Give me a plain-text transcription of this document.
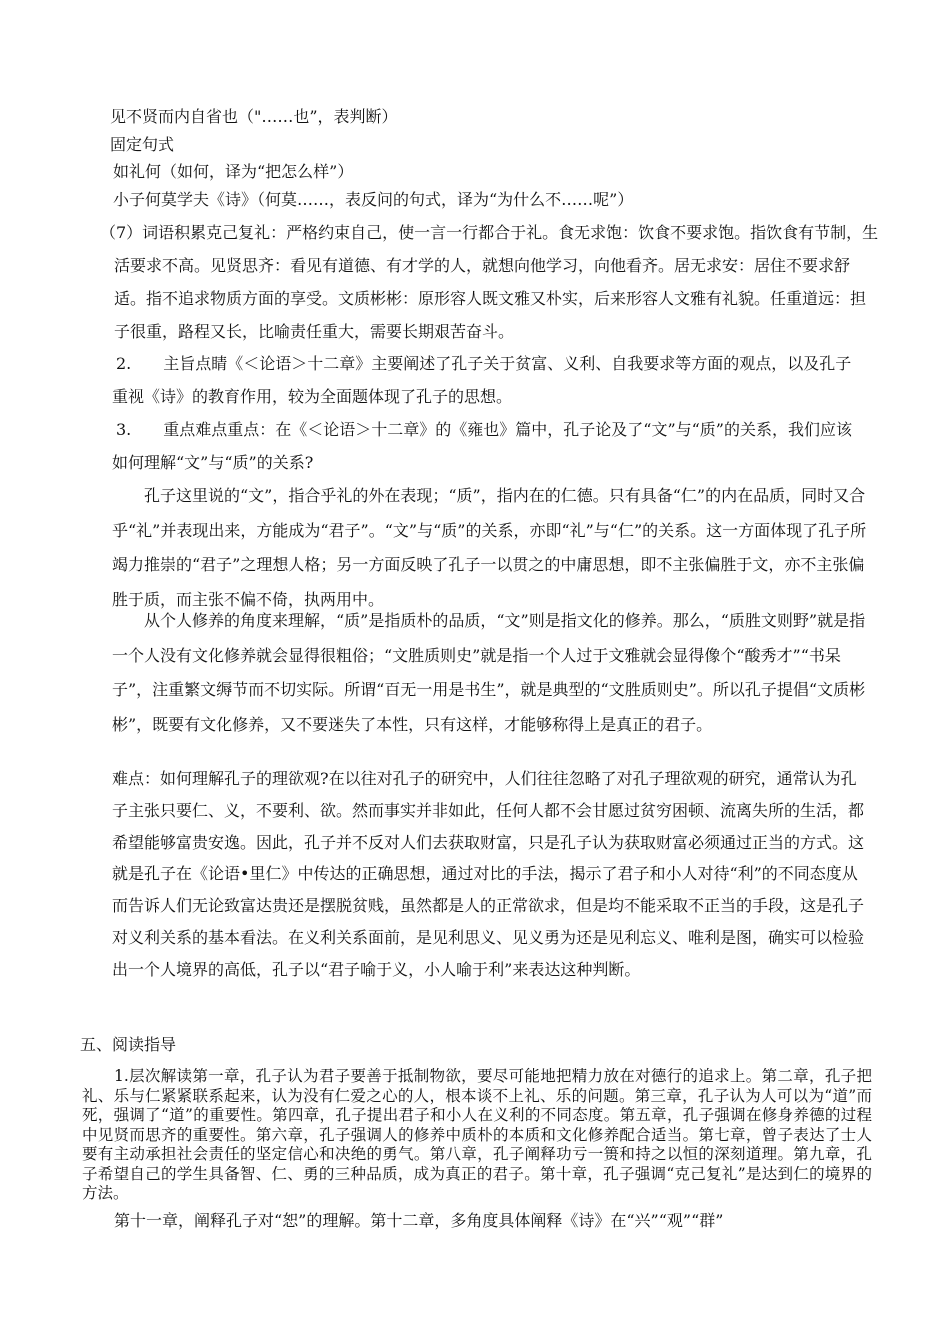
见不贤而内自省也（"……也”，表判断）
固定句式
如礼何（如何，译为“把怎么样”）
小子何莫学夫《诗》（何莫……，表反问的句式，译为“为什么不……呢”）
（7）词语积累克己复礼：严格约束自己，使一言一行都合于礼。食无求饱：饮食不要求饱。指饮食有节制，生活要求不高。见贤思齐：看见有道德、有才学的人，就想向他学习，向他看齐。居无求安：居住不要求舒适。指不追求物质方面的享受。文质彬彬：原形容人既文雅又朴实，后来形容人文雅有礼貌。任重道远：担子很重，路程又长，比喻责任重大，需要长期艰苦奋斗。
2.　　主旨点睛《＜论语＞十二章》主要阐述了孔子关于贫富、义利、自我要求等方面的观点，以及孔子重视《诗》的教育作用，较为全面题体现了孔子的思想。
3.　　重点难点重点：在《＜论语＞十二章》的《雍也》篇中，孔子论及了“文”与“质”的关系，我们应该如何理解“文”与“质”的关系?
孔子这里说的“文”，指合乎礼的外在表现；“质”，指内在的仁德。只有具备“仁”的内在品质，同时又合乎“礼”并表现出来，方能成为“君子”。“文”与“质”的关系，亦即“礼”与“仁”的关系。这一方面体现了孔子所竭力推崇的“君子”之理想人格；另一方面反映了孔子一以贯之的中庸思想，即不主张偏胜于文，亦不主张偏胜于质，而主张不偏不倚，执两用中。
从个人修养的角度来理解，“质”是指质朴的品质，“文”则是指文化的修养。那么，“质胜文则野”就是指一个人没有文化修养就会显得很粗俗；“文胜质则史”就是指一个人过于文雅就会显得像个“酸秀才”“书呆子”，注重繁文缛节而不切实际。所谓“百无一用是书生”，就是典型的“文胜质则史”。所以孔子提倡“文质彬彬”，既要有文化修养，又不要迷失了本性，只有这样，才能够称得上是真正的君子。
难点：如何理解孔子的理欲观?在以往对孔子的研究中，人们往往忽略了对孔子理欲观的研究，通常认为孔子主张只要仁、义，不要利、欲。然而事实并非如此，任何人都不会甘愿过贫穷困顿、流离失所的生活，都希望能够富贵安逸。因此，孔子并不反对人们去获取财富，只是孔子认为获取财富必须通过正当的方式。这就是孔子在《论语•里仁》中传达的正确思想，通过对比的手法，揭示了君子和小人对待“利”的不同态度从而告诉人们无论致富达贵还是摆脱贫贱，虽然都是人的正常欲求，但是均不能采取不正当的手段，这是孔子对义利关系的基本看法。在义利关系面前，是见利思义、见义勇为还是见利忘义、唯利是图，确实可以检验出一个人境界的高低，孔子以“君子喻于义，小人喻于利”来表达这种判断。
五、阅读指导
1.层次解读第一章，孔子认为君子要善于抵制物欲，要尽可能地把精力放在对德行的追求上。第二章，孔子把礼、乐与仁紧紧联系起来，认为没有仁爱之心的人，根本谈不上礼、乐的问题。第三章，孔子认为人可以为“道”而死，强调了“道”的重要性。第四章，孔子提出君子和小人在义利的不同态度。第五章，孔子强调在修身养德的过程中见贤而思齐的重要性。第六章，孔子强调人的修养中质朴的本质和文化修养配合适当。第七章，曾子表达了士人要有主动承担社会责任的坚定信心和决绝的勇气。第八章，孔子阐释功亏一篑和持之以恒的深刻道理。第九章，孔子希望自己的学生具备智、仁、勇的三种品质，成为真正的君子。第十章，孔子强调“克己复礼”是达到仁的境界的方法。
第十一章，阐释孔子对“恕”的理解。第十二章，多角度具体阐释《诗》在“兴”“观”“群”
